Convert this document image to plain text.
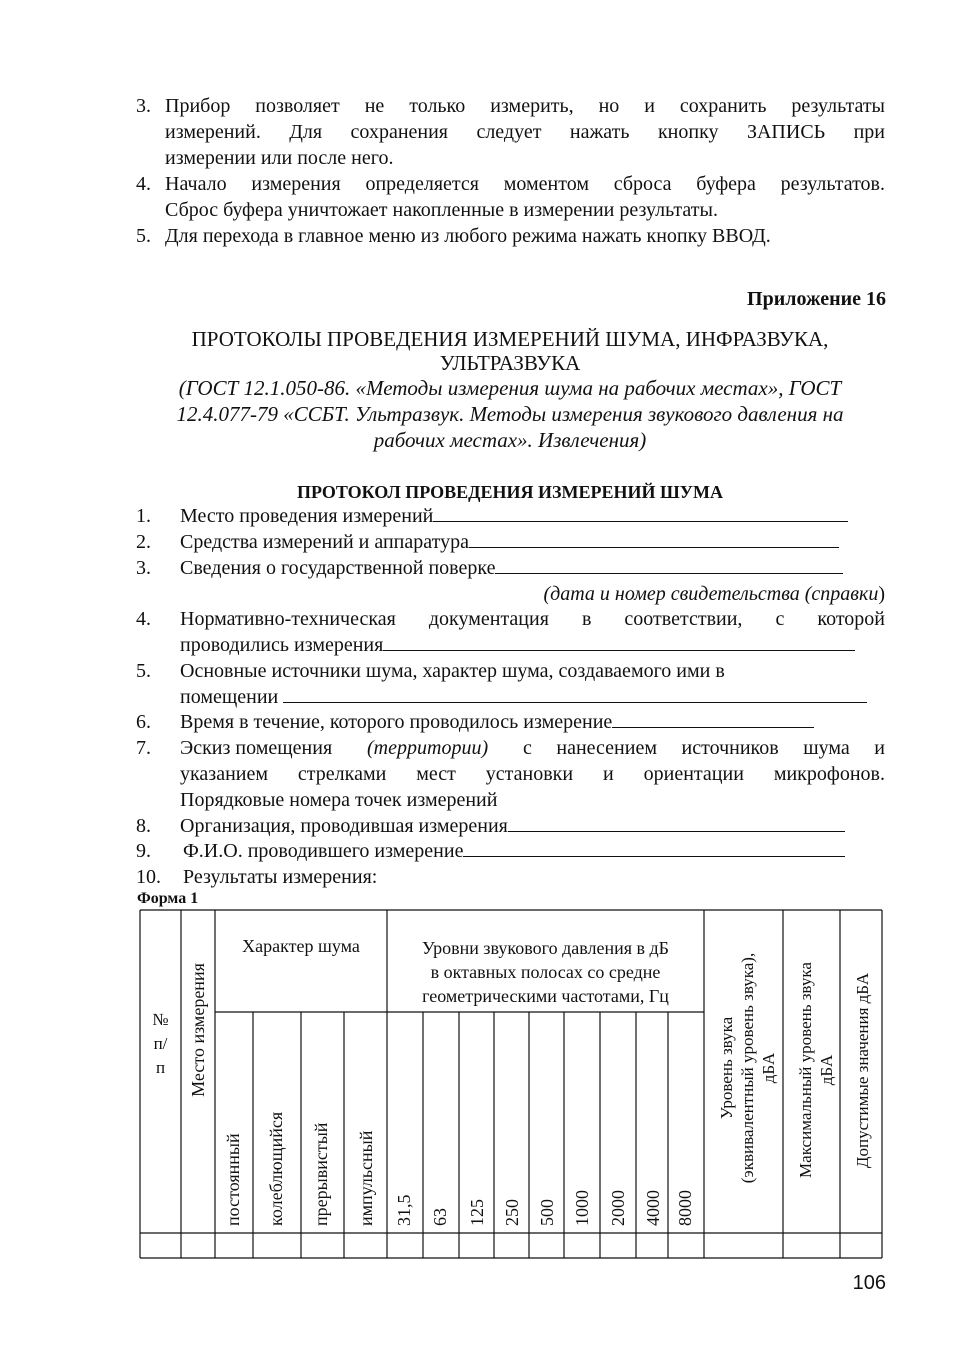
3. Прибор позволяет не только измерить, но и сохранить результаты
измерений. Для сохранения следует нажать кнопку ЗАПИСЬ при
измерении или после него.
4. Начало измерения определяется моментом сброса буфера результатов.
Сброс буфера уничтожает накопленные в измерении результаты.
5. Для перехода в главное меню из любого режима нажать кнопку ВВОД.
Приложение 16
ПРОТОКОЛЫ ПРОВЕДЕНИЯ ИЗМЕРЕНИЙ ШУМА, ИНФРАЗВУКА,
УЛЬТРАЗВУКА
(ГОСТ 12.1.050-86. «Методы измерения шума на рабочих местах», ГОСТ
12.4.077-79 «ССБТ. Ультразвук. Методы измерения звукового давления на
рабочих местах». Извлечения)
ПРОТОКОЛ ПРОВЕДЕНИЯ ИЗМЕРЕНИЙ ШУМА
1. Место проведения измерений
2. Средства измерений и аппаратура
3. Сведения о государственной поверке
(дата и номер свидетельства (справки)
4. Нормативно-техническая документация в соответствии, с которой
проводились измерения
5. Основные источники шума, характер шума, создаваемого ими в
помещении
6. Время в течение, которого проводилось измерение
7. Эскиз помещения (территории) с нанесением источников шума и
указанием стрелками мест установки и ориентации микрофонов.
Порядковые номера точек измерений
8. Организация, проводившая измерения
9. Ф.И.О. проводившего измерение
10. Результаты измерения:
Форма 1
№
п/
п	Место измерения
Характер шума
постоянный колеблющийся прерывистый импульсный
Уровни звукового давления в дБ
в октавных полосах со средне
геометрическими частотами, Гц
31,5 63 125 250 500 1000 2000 4000 8000
Уровень звука (эквивалентный уровень звука), дБА Максимальный уровень звука дБА Допустимые значения дБА
106
